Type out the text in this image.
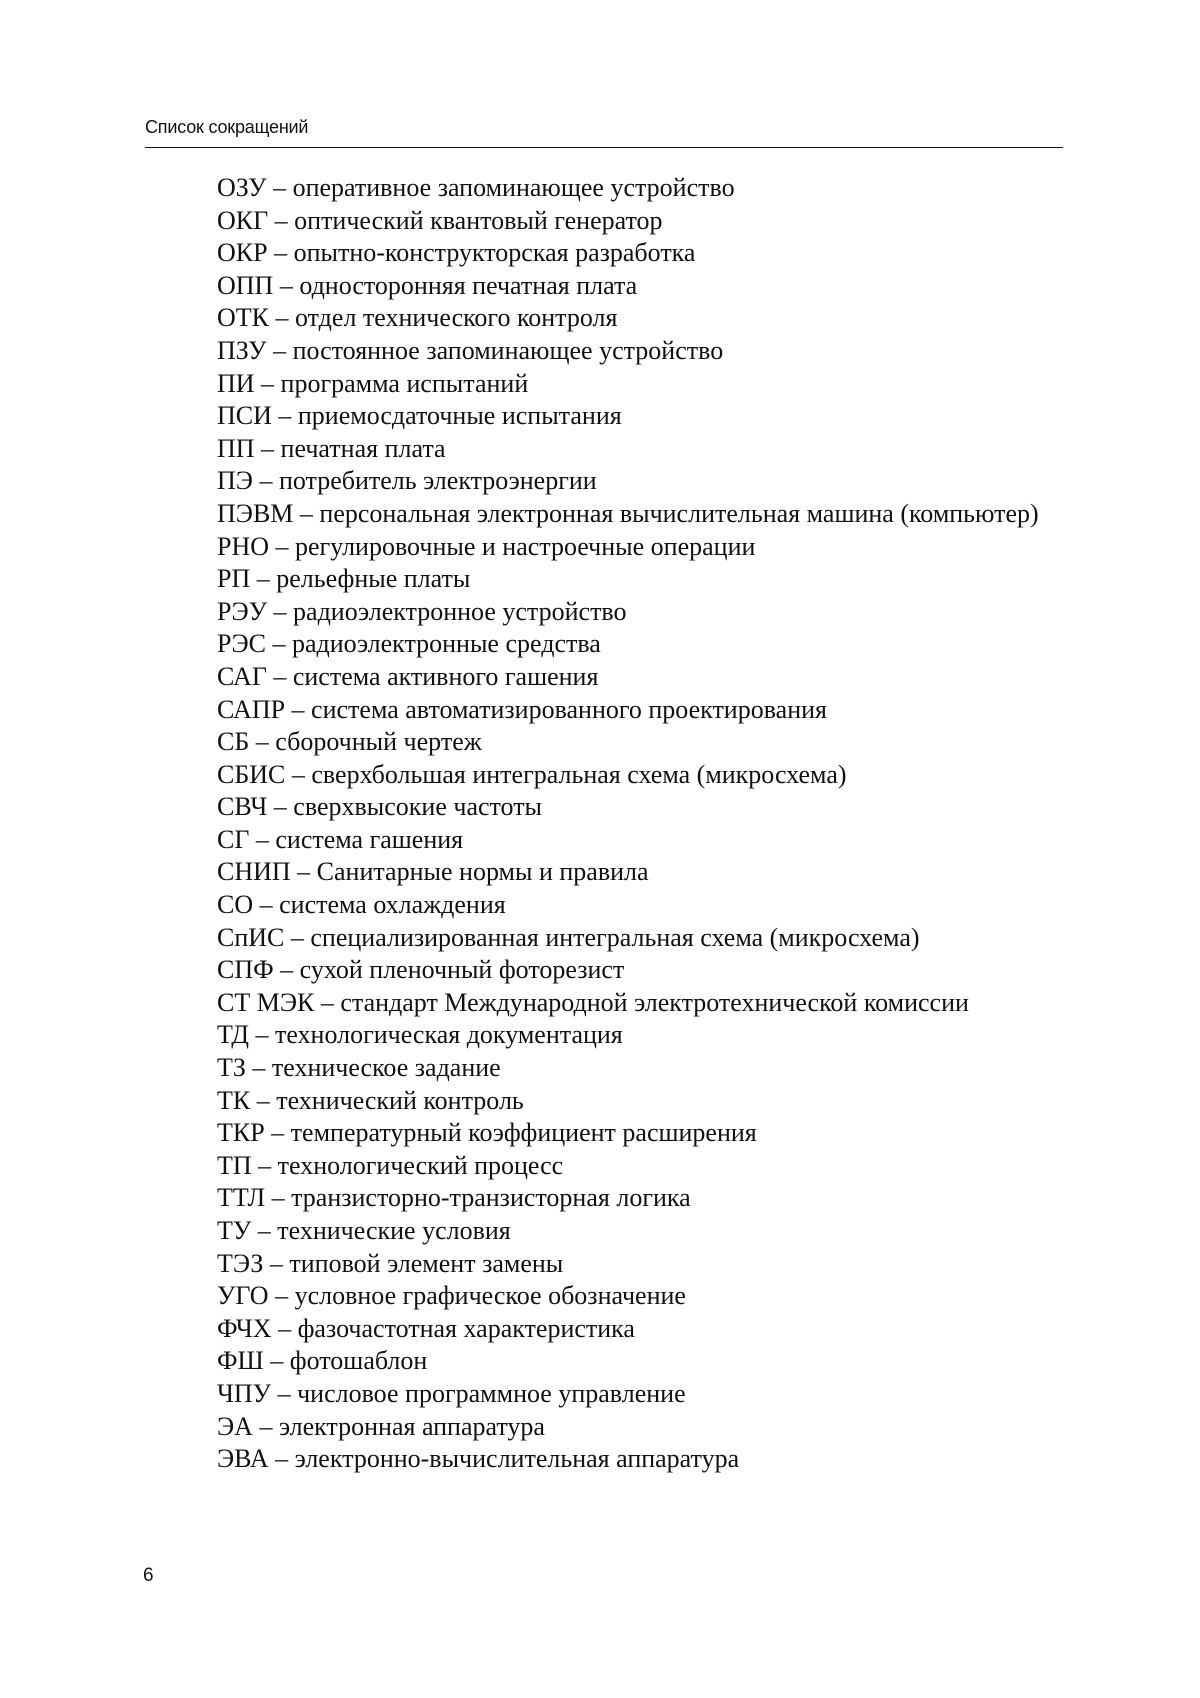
Список сокращений
ОЗУ – оперативное запоминающее устройство
ОКГ – оптический квантовый генератор
ОКР – опытно-конструкторская разработка
ОПП – односторонняя печатная плата
ОТК – отдел технического контроля
ПЗУ – постоянное запоминающее устройство
ПИ – программа испытаний
ПСИ – приемосдаточные испытания
ПП – печатная плата
ПЭ – потребитель электроэнергии
ПЭВМ – персональная электронная вычислительная машина (компьютер)
РНО – регулировочные и настроечные операции
РП – рельефные платы
РЭУ – радиоэлектронное устройство
РЭС – радиоэлектронные средства
САГ – система активного гашения
САПР – система автоматизированного проектирования
СБ – сборочный чертеж
СБИС – сверхбольшая интегральная схема (микросхема)
СВЧ – сверхвысокие частоты
СГ – система гашения
СНИП – Санитарные нормы и правила
СО – система охлаждения
СпИС – специализированная интегральная схема (микросхема)
СПФ – сухой пленочный фоторезист
СТ МЭК – стандарт Международной электротехнической комиссии
ТД – технологическая документация
ТЗ – техническое задание
ТК – технический контроль
ТКР – температурный коэффициент расширения
ТП – технологический процесс
ТТЛ – транзисторно-транзисторная логика
ТУ – технические условия
ТЭЗ – типовой элемент замены
УГО – условное графическое обозначение
ФЧХ – фазочастотная характеристика
ФШ – фотошаблон
ЧПУ – числовое программное управление
ЭА – электронная аппаратура
ЭВА – электронно-вычислительная аппаратура
6
